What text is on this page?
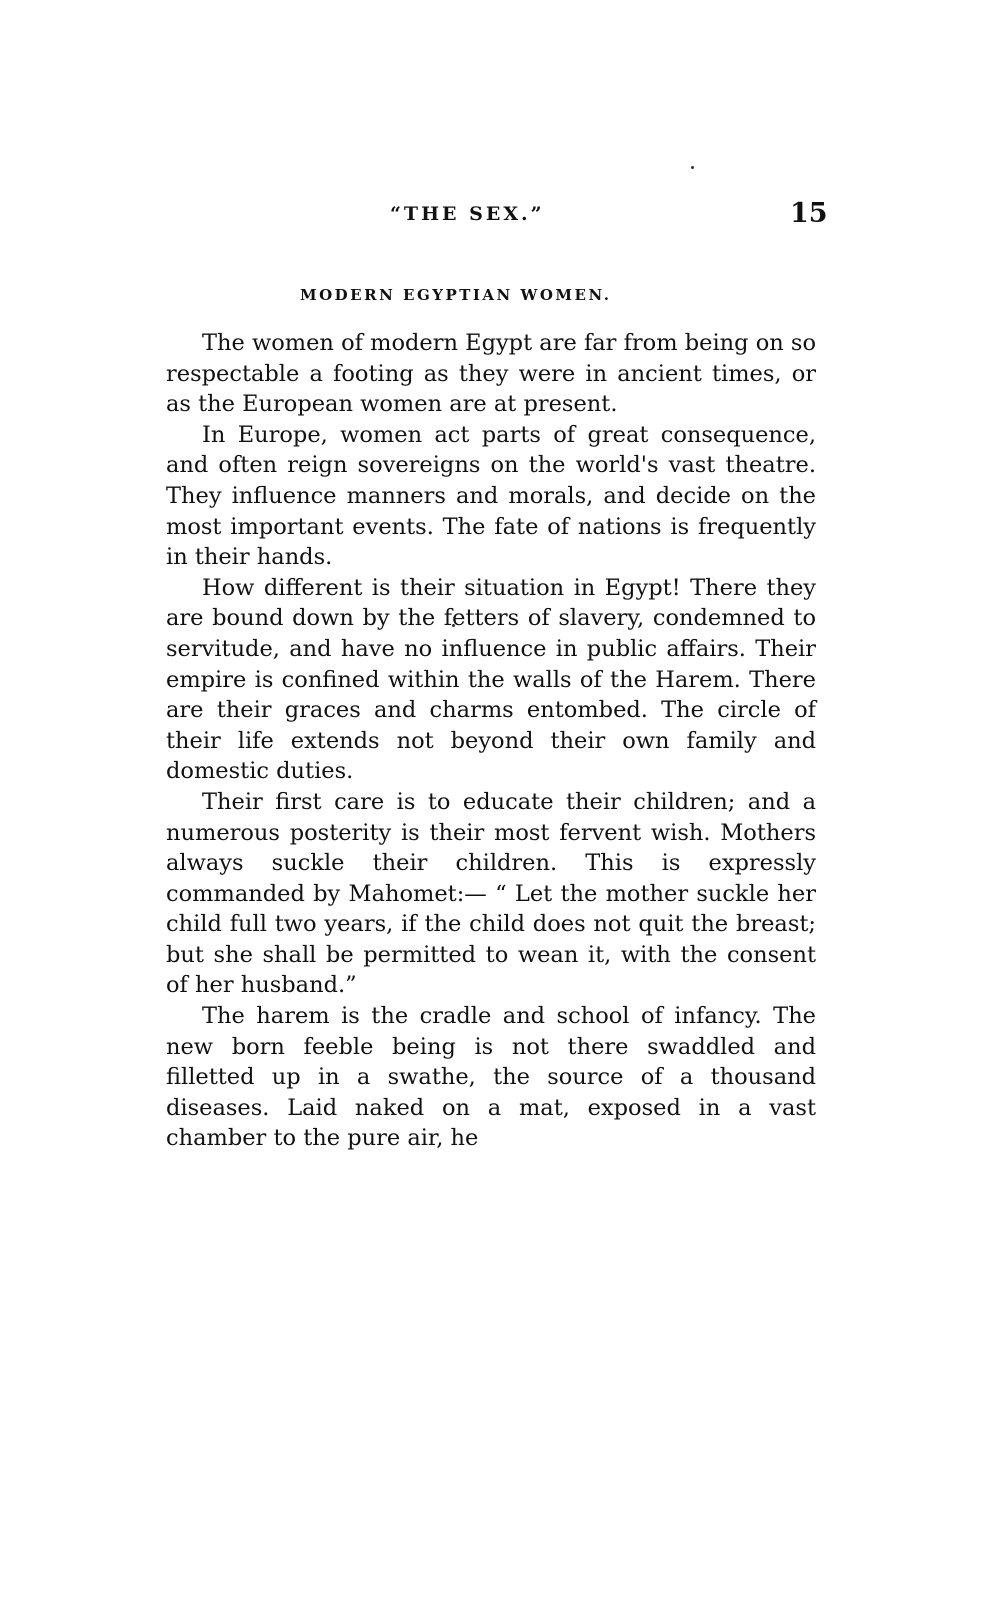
“THE SEX.”	15
MODERN EGYPTIAN WOMEN.

The women of modern Egypt are far from being on so respectable a footing as they were in ancient times, or as the European women are at present.

In Europe, women act parts of great consequence, and often reign sovereigns on the world's vast theatre. They influence manners and morals, and decide on the most important events. The fate of nations is frequently in their hands.

How different is their situation in Egypt! There they are bound down by the fetters of slavery, condemned to servitude, and have no influence in public affairs. Their empire is confined within the walls of the Harem. There are their graces and charms entombed. The circle of their life extends not beyond their own family and domestic duties.

Their first care is to educate their children; and a numerous posterity is their most fervent wish. Mothers always suckle their children. This is expressly commanded by Mahomet:— “ Let the mother suckle her child full two years, if the child does not quit the breast; but she shall be permitted to wean it, with the consent of her husband.”

The harem is the cradle and school of infancy. The new born feeble being is not there swaddled and filletted up in a swathe, the source of a thousand diseases. Laid naked on a mat, exposed in a vast chamber to the pure air, he
